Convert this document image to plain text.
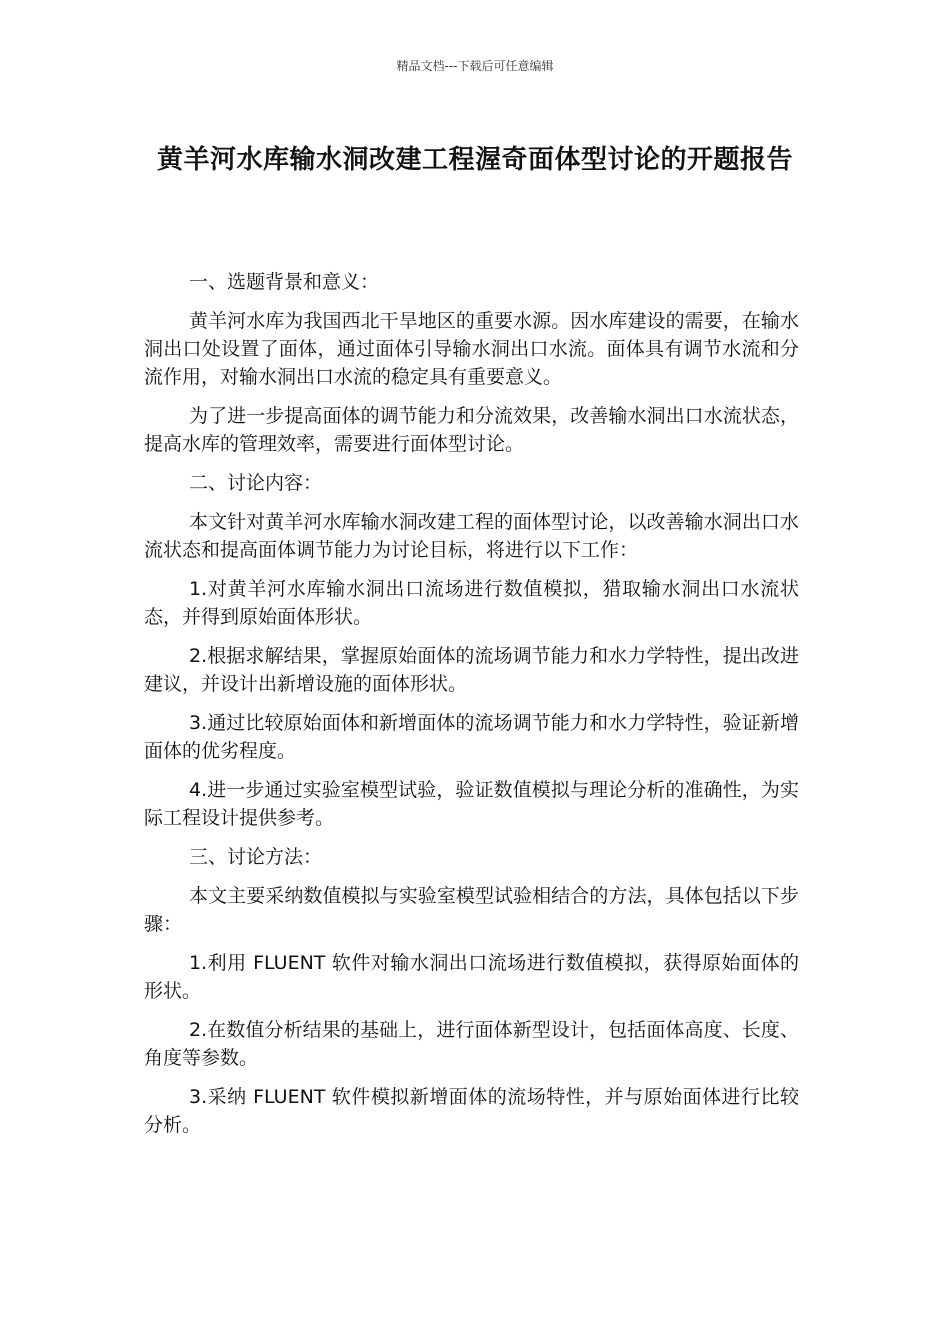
精品文档---下载后可任意编辑
黄羊河水库输水洞改建工程渥奇面体型讨论的开题报告

一、选题背景和意义：

黄羊河水库为我国西北干旱地区的重要水源。因水库建设的需要，在输水洞出口处设置了面体，通过面体引导输水洞出口水流。面体具有调节水流和分流作用，对输水洞出口水流的稳定具有重要意义。

为了进一步提高面体的调节能力和分流效果，改善输水洞出口水流状态，提高水库的管理效率，需要进行面体型讨论。

二、讨论内容：

本文针对黄羊河水库输水洞改建工程的面体型讨论，以改善输水洞出口水流状态和提高面体调节能力为讨论目标，将进行以下工作：

1.对黄羊河水库输水洞出口流场进行数值模拟，猎取输水洞出口水流状态，并得到原始面体形状。

2.根据求解结果，掌握原始面体的流场调节能力和水力学特性，提出改进建议，并设计出新增设施的面体形状。

3.通过比较原始面体和新增面体的流场调节能力和水力学特性，验证新增面体的优劣程度。

4.进一步通过实验室模型试验，验证数值模拟与理论分析的准确性，为实际工程设计提供参考。

三、讨论方法：

本文主要采纳数值模拟与实验室模型试验相结合的方法，具体包括以下步骤：

1.利用 FLUENT 软件对输水洞出口流场进行数值模拟，获得原始面体的形状。

2.在数值分析结果的基础上，进行面体新型设计，包括面体高度、长度、角度等参数。

3.采纳 FLUENT 软件模拟新增面体的流场特性，并与原始面体进行比较分析。
